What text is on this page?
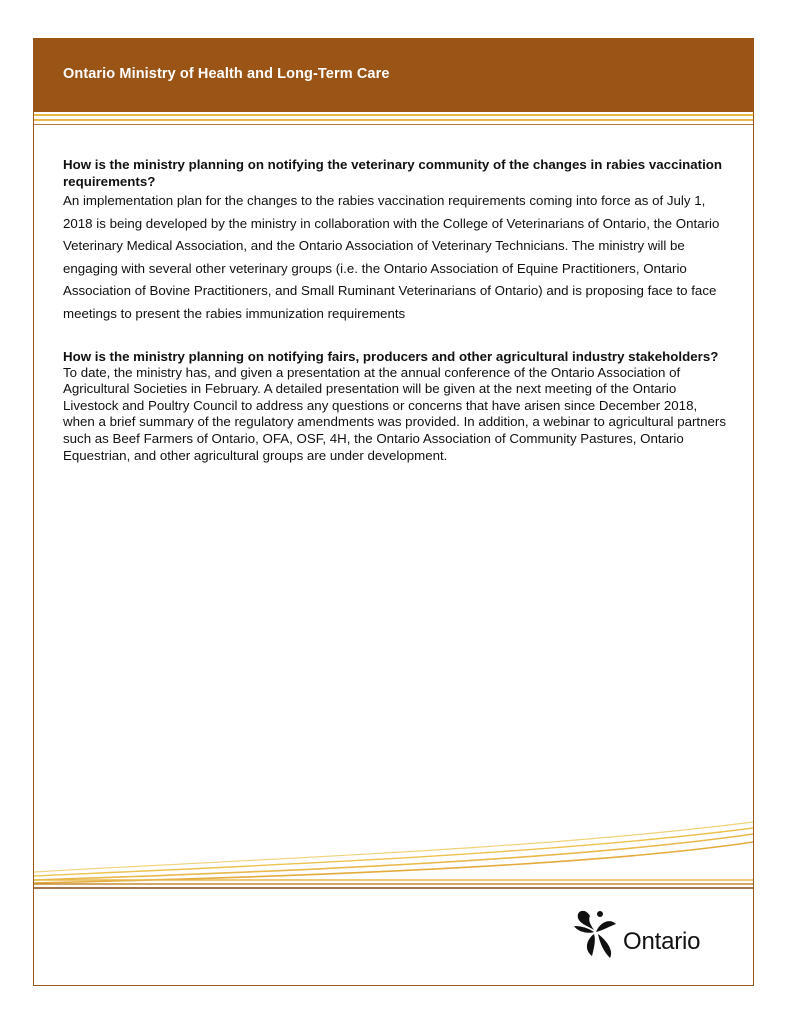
Ontario Ministry of Health and Long-Term Care

How is the ministry planning on notifying the veterinary community of the changes in rabies vaccination requirements?

An implementation plan for the changes to the rabies vaccination requirements coming into force as of July 1, 2018 is being developed by the ministry in collaboration with the College of Veterinarians of Ontario, the Ontario Veterinary Medical Association, and the Ontario Association of Veterinary Technicians. The ministry will be engaging with several other veterinary groups (i.e. the Ontario Association of Equine Practitioners, Ontario Association of Bovine Practitioners, and Small Ruminant Veterinarians of Ontario) and is proposing face to face meetings to present the rabies immunization requirements

How is the ministry planning on notifying fairs, producers and other agricultural industry stakeholders?

To date, the ministry has, and given a presentation at the annual conference of the Ontario Association of Agricultural Societies in February. A detailed presentation will be given at the next meeting of the Ontario Livestock and Poultry Council to address any questions or concerns that have arisen since December 2018, when a brief summary of the regulatory amendments was provided. In addition, a webinar to agricultural partners such as Beef Farmers of Ontario, OFA, OSF, 4H, the Ontario Association of Community Pastures, Ontario Equestrian, and other agricultural groups are under development.

Ontario
